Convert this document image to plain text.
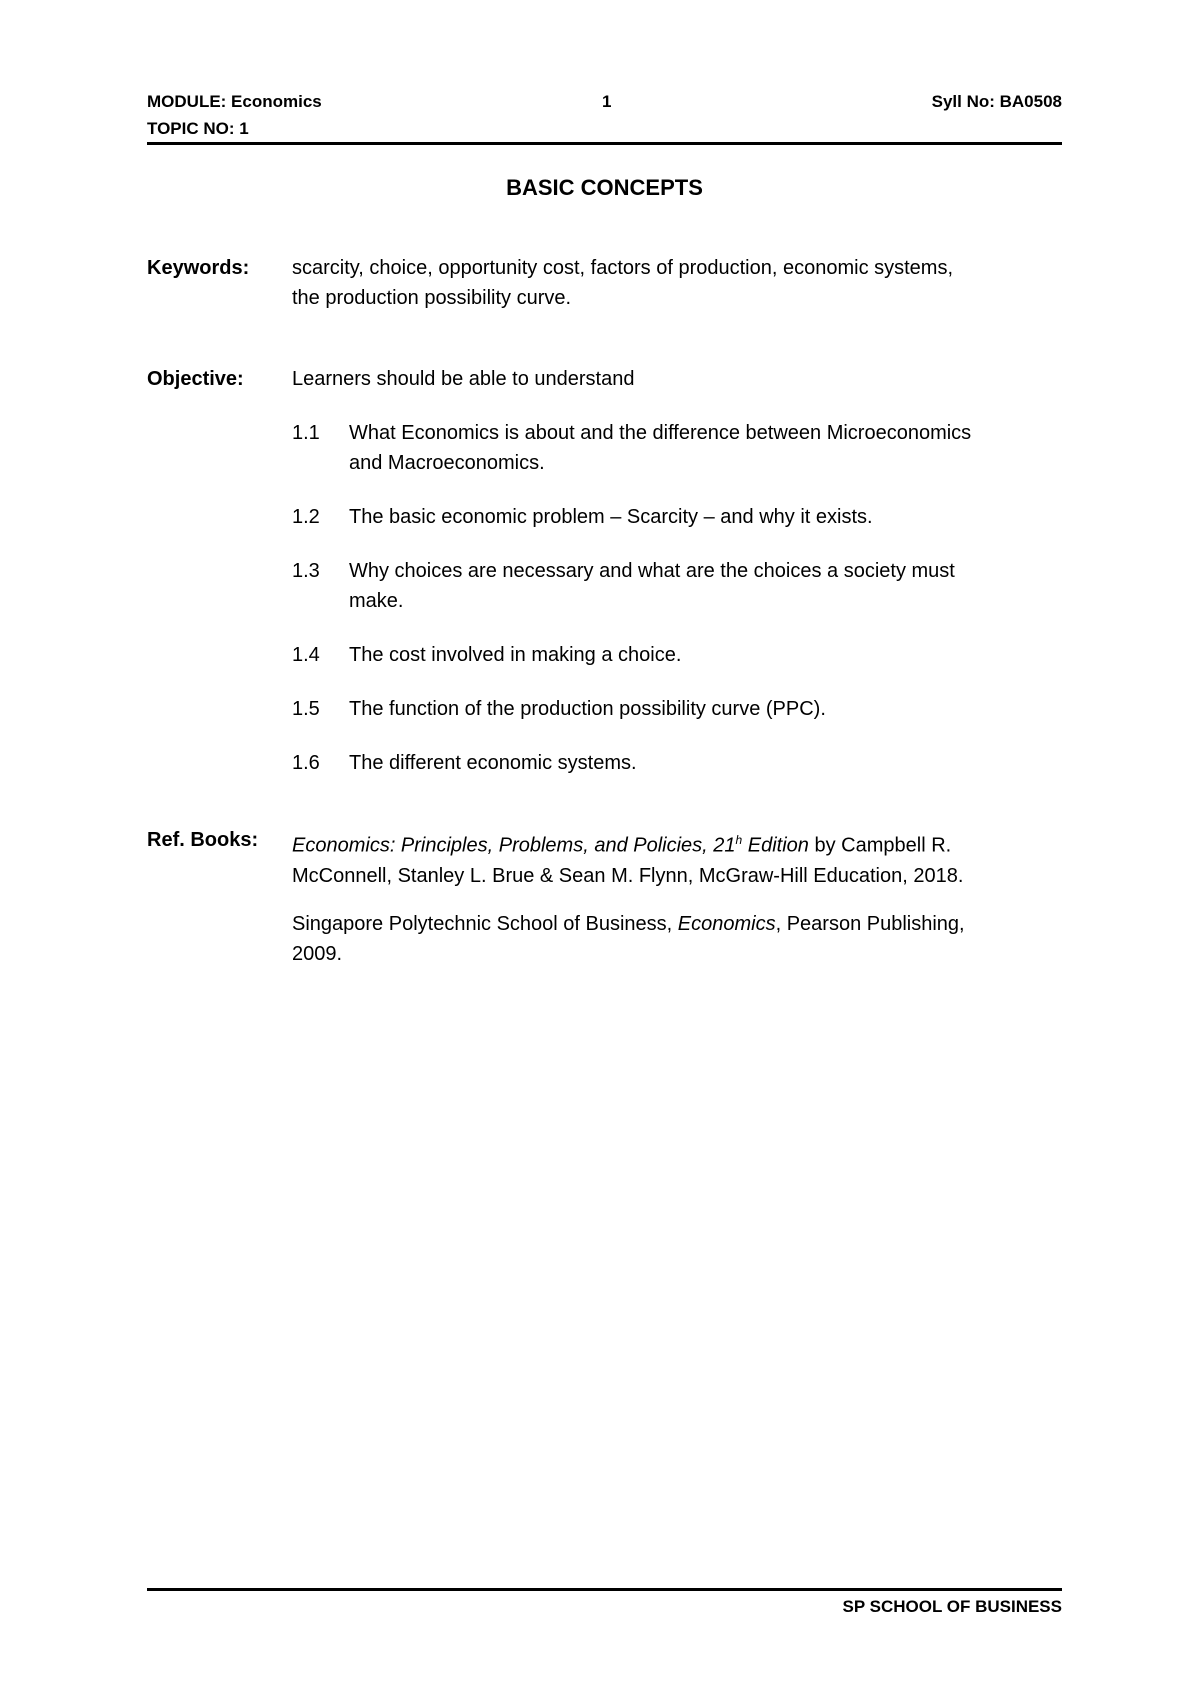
MODULE: Economics
TOPIC NO: 1
1	Syll No: BA0508
BASIC CONCEPTS
Keywords: scarcity, choice, opportunity cost, factors of production, economic systems,
the production possibility curve.
Objective: Learners should be able to understand
1.1 What Economics is about and the difference between Microeconomics
and Macroeconomics.
1.2 The basic economic problem – Scarcity – and why it exists.
1.3 Why choices are necessary and what are the choices a society must
make.
1.4 The cost involved in making a choice.
1.5 The function of the production possibility curve (PPC).
1.6 The different economic systems.
Ref. Books: Economics: Principles, Problems, and Policies, 21$^h$ Edition by Campbell R.
McConnell, Stanley L. Brue & Sean M. Flynn, McGraw-Hill Education, 2018.
Singapore Polytechnic School of Business, Economics, Pearson Publishing,
2009.
SP SCHOOL OF BUSINESS
